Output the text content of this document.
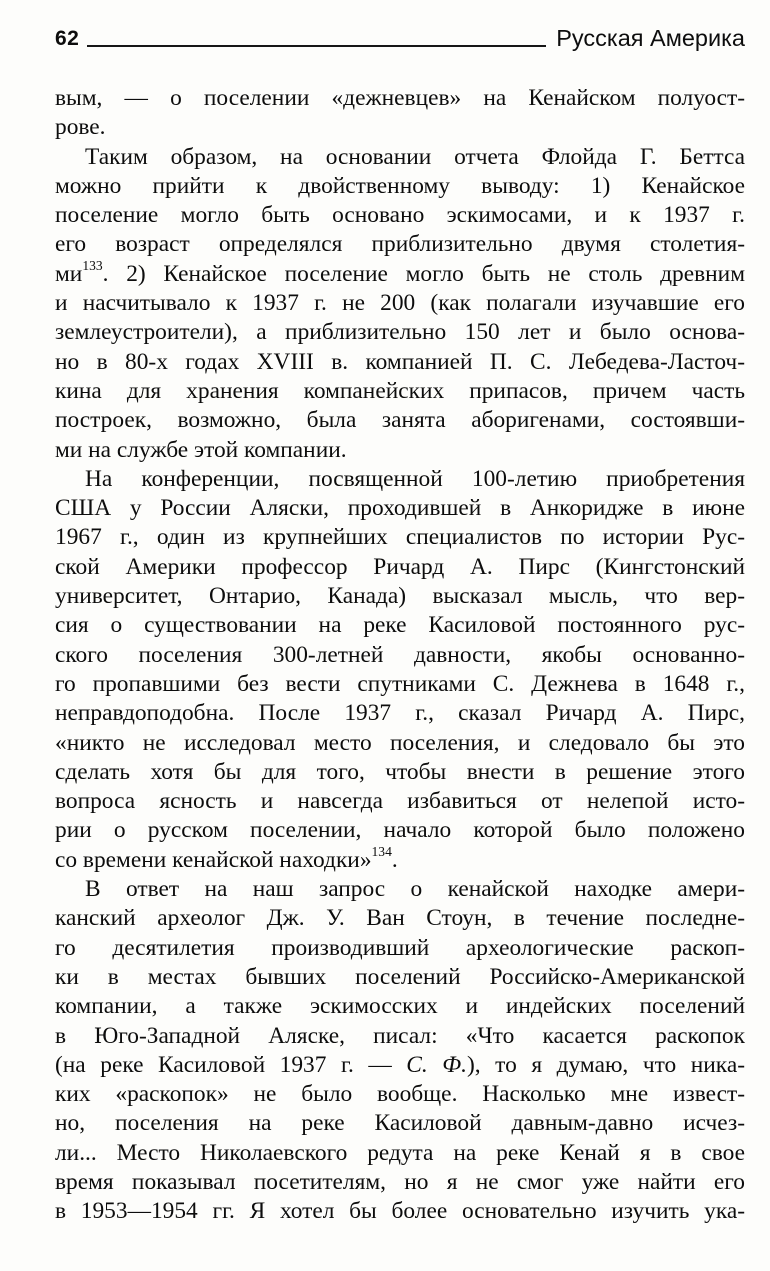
62	Русская Америка
вым, — о поселении «дежневцев» на Кенайском полуост-
рове.
Таким образом, на основании отчета Флойда Г. Беттса
можно прийти к двойственному выводу: 1) Кенайское
поселение могло быть основано эскимосами, и к 1937 г.
его возраст определялся приблизительно двумя столетия-
$ми^{133}$. 2) Кенайское поселение могло быть не столь древним
и насчитывало к 1937 г. не 200 (как полагали изучавшие его
землеустроители), а приблизительно 150 лет и было основа-
но в 80-х годах XVIII в. компанией П. С. Лебедева-Ласточ-
кина для хранения компанейских припасов, причем часть
построек, возможно, была занята аборигенами, состоявши-
ми на службе этой компании.
На конференции, посвященной 100-летию приобретения
США у России Аляски, проходившей в Анкоридже в июне
1967 г., один из крупнейших специалистов по истории Рус-
ской Америки профессор Ричард А. Пирс (Кингстонский
университет, Онтарио, Канада) высказал мысль, что вер-
сия о существовании на реке Касиловой постоянного рус-
ского поселения 300-летней давности, якобы основанно-
го пропавшими без вести спутниками С. Дежнева в 1648 г.,
неправдоподобна. После 1937 г., сказал Ричард А. Пирс,
«никто не исследовал место поселения, и следовало бы это
сделать хотя бы для того, чтобы внести в решение этого
вопроса ясность и навсегда избавиться от нелепой исто-
рии о русском поселении, начало которой было положено
со времени кенайской находки»$^{134}$.
В ответ на наш запрос о кенайской находке амери-
канский археолог Дж. У. Ван Стоун, в течение последне-
го десятилетия производивший археологические раскоп-
ки в местах бывших поселений Российско-Американской
компании, а также эскимосских и индейских поселений
в Юго-Западной Аляске, писал: «Что касается раскопок
(на реке Касиловой 1937 г. — С. Ф.), то я думаю, что ника-
ких «раскопок» не было вообще. Насколько мне извест-
но, поселения на реке Касиловой давным-давно исчез-
ли... Место Николаевского редута на реке Кенай я в свое
время показывал посетителям, но я не смог уже найти его
в 1953—1954 гг. Я хотел бы более основательно изучить ука-
